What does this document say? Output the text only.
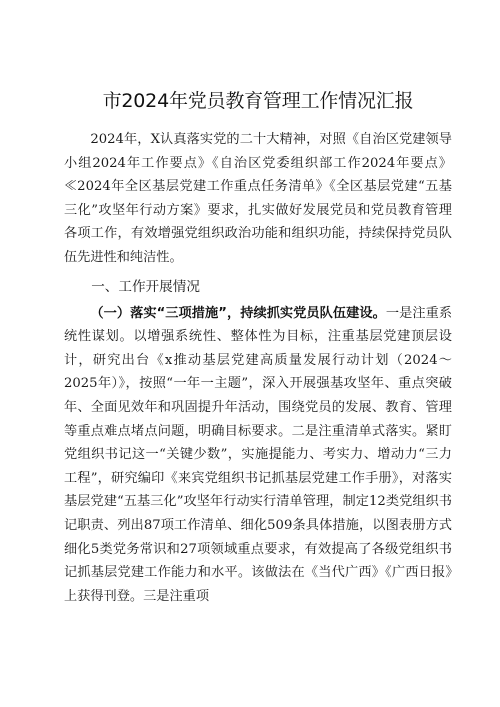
市2024年党员教育管理工作情况汇报

2024年，X认真落实党的二十大精神，对照《自治区党建领导小组2024年工作要点》《自治区党委组织部工作2024年要点》≪2024年全区基层党建工作重点任务清单》《全区基层党建“五基三化”攻坚年行动方案》要求，扎实做好发展党员和党员教育管理各项工作，有效增强党组织政治功能和组织功能，持续保持党员队伍先进性和纯洁性。

一、工作开展情况

（一）落实“三项措施”，持续抓实党员队伍建设。一是注重系统性谋划。以增强系统性、整体性为目标，注重基层党建顶层设计，研究出台《x推动基层党建高质量发展行动计划（2024～2025年）》，按照“一年一主题”，深入开展强基攻坚年、重点突破年、全面见效年和巩固提升年活动，围绕党员的发展、教育、管理等重点难点堵点问题，明确目标要求。二是注重清单式落实。紧盯党组织书记这一“关键少数”，实施提能力、考实力、增动力“三力工程”，研究编印《来宾党组织书记抓基层党建工作手册》，对落实基层党建“五基三化”攻坚年行动实行清单管理，制定12类党组织书记职责、列出87项工作清单、细化509条具体措施，以图表册方式细化5类党务常识和27项领域重点要求，有效提高了各级党组织书记抓基层党建工作能力和水平。该做法在《当代广西》《广西日报》上获得刊登。三是注重项
